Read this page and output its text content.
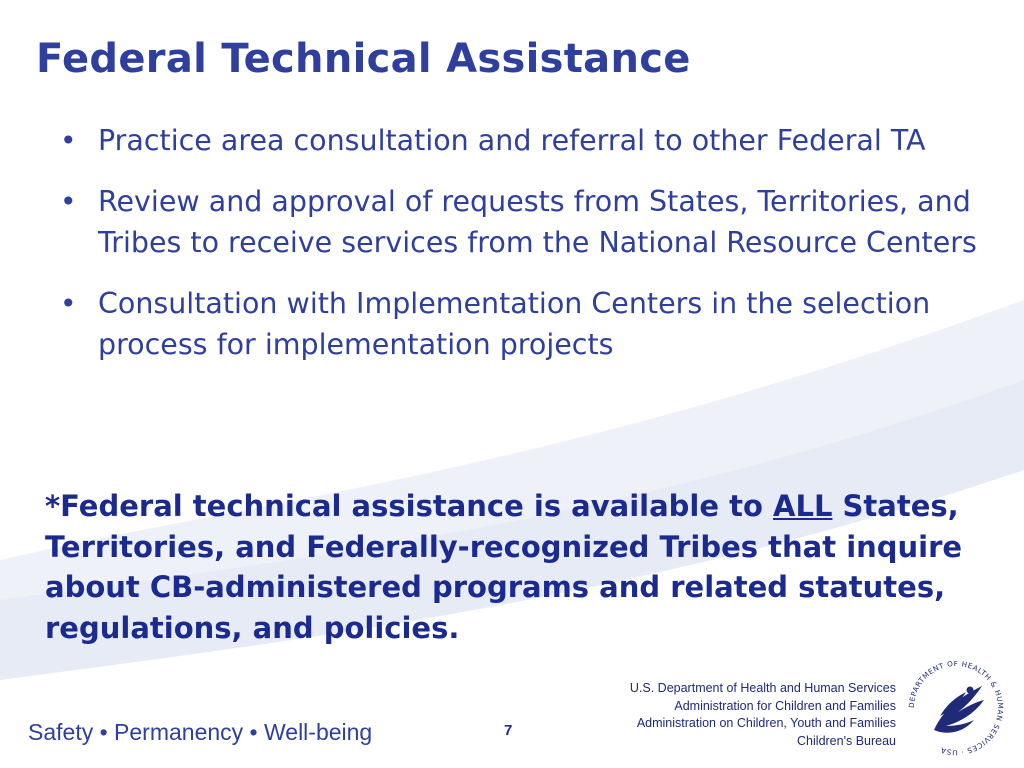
Federal Technical Assistance
• Practice area consultation and referral to other Federal TA
• Review and approval of requests from States, Territories, and Tribes to receive services from the National Resource Centers
• Consultation with Implementation Centers in the selection process for implementation projects

*Federal technical assistance is available to ALL States, Territories, and Federally-recognized Tribes that inquire about CB-administered programs and related statutes, regulations, and policies.

Safety • Permanency • Well-being	7
U.S. Department of Health and Human Services
Administration for Children and Families
Administration on Children, Youth and Families
Children's Bureau
DEPARTMENT OF HEALTH & HUMAN SERVICES · USA
